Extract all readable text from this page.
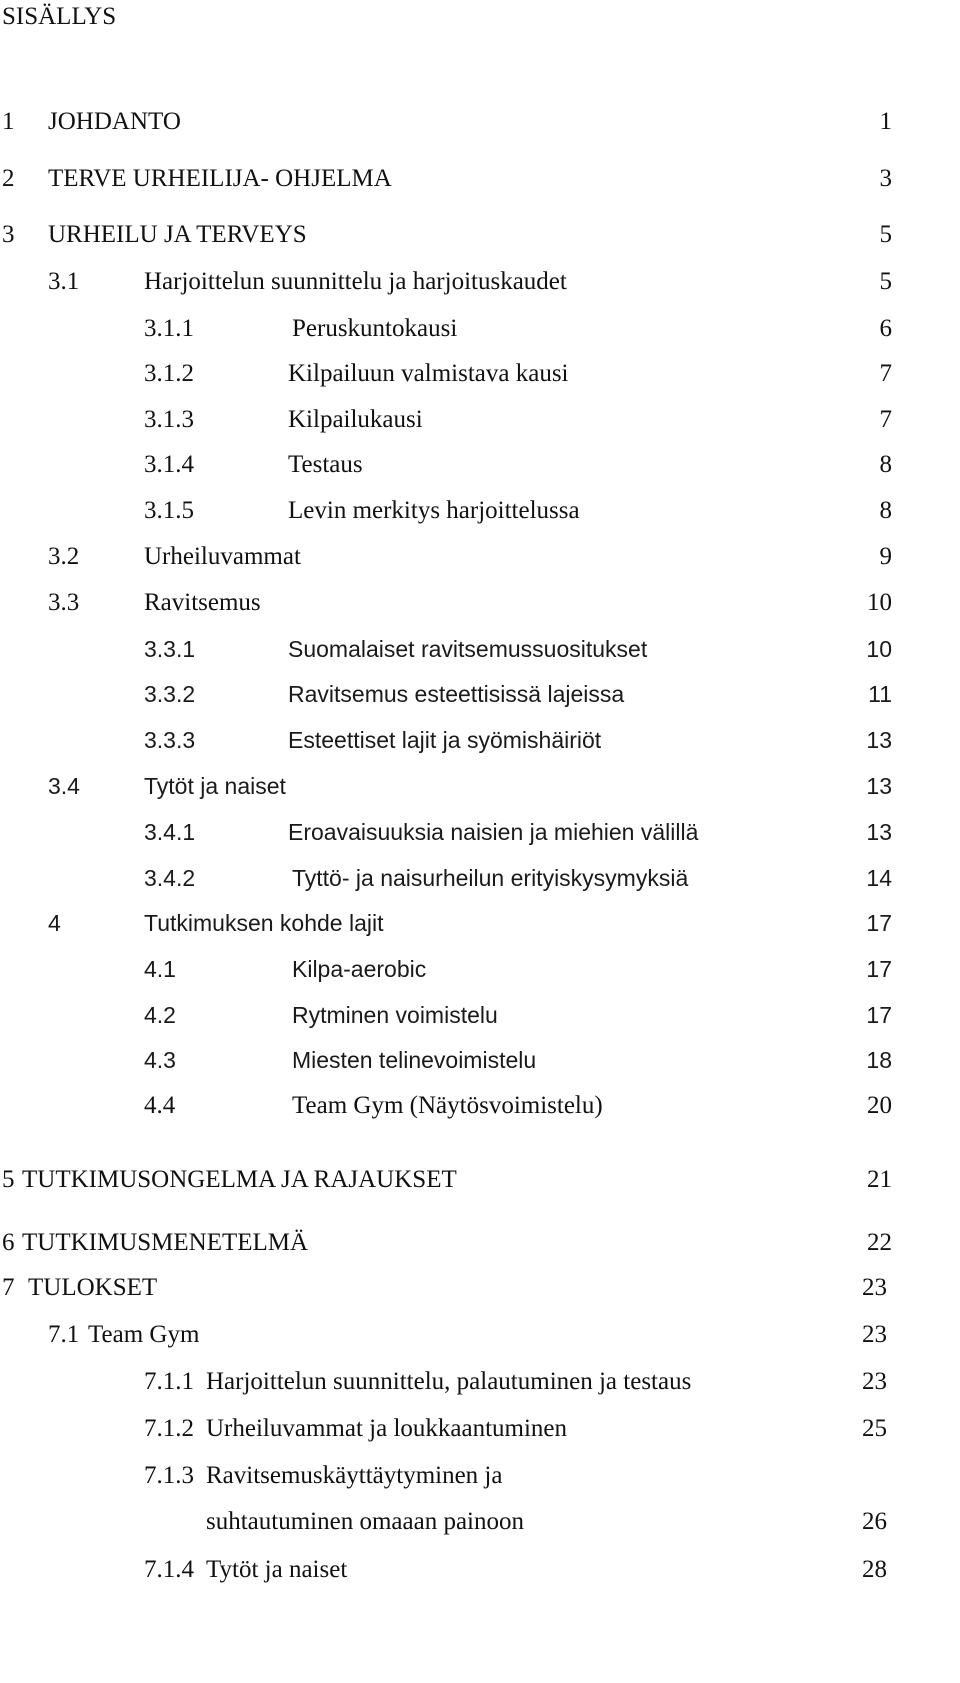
SISÄLLYS
1 JOHDANTO	1
2 TERVE URHEILIJA- OHJELMA	3
3 URHEILU JA TERVEYS	5
3.1	Harjoittelun suunnittelu ja harjoituskaudet	5
3.1.1	Peruskuntokausi	6
3.1.2	Kilpailuun valmistava kausi	7
3.1.3	Kilpailukausi	7
3.1.4	Testaus	8
3.1.5	Levin merkitys harjoittelussa	8
3.2	Urheiluvammat	9
3.3	Ravitsemus	10
3.3.1	Suomalaiset ravitsemussuositukset	10
3.3.2	Ravitsemus esteettisissä lajeissa	11
3.3.3	Esteettiset lajit ja syömishäiriöt	13
3.4	Tytöt ja naiset	13
3.4.1	Eroavaisuuksia naisien ja miehien välillä	13
3.4.2	Tyttö- ja naisurheilun erityiskysymyksiä	14
4	Tutkimuksen kohde lajit	17
4.1	Kilpa-aerobic	17
4.2	Rytminen voimistelu	17
4.3	Miesten telinevoimistelu	18
4.4	Team Gym (Näytösvoimistelu)	20
5 TUTKIMUSONGELMA JA RAJAUKSET	21
6 TUTKIMUSMENETELMÄ	22
7 TULOKSET	23
7.1 Team Gym	23
7.1.1 Harjoittelun suunnittelu, palautuminen ja testaus	23
7.1.2 Urheiluvammat ja loukkaantuminen	25
7.1.3 Ravitsemuskäyttäytyminen ja
suhtautuminen omaaan painoon	26
7.1.4 Tytöt ja naiset	28
